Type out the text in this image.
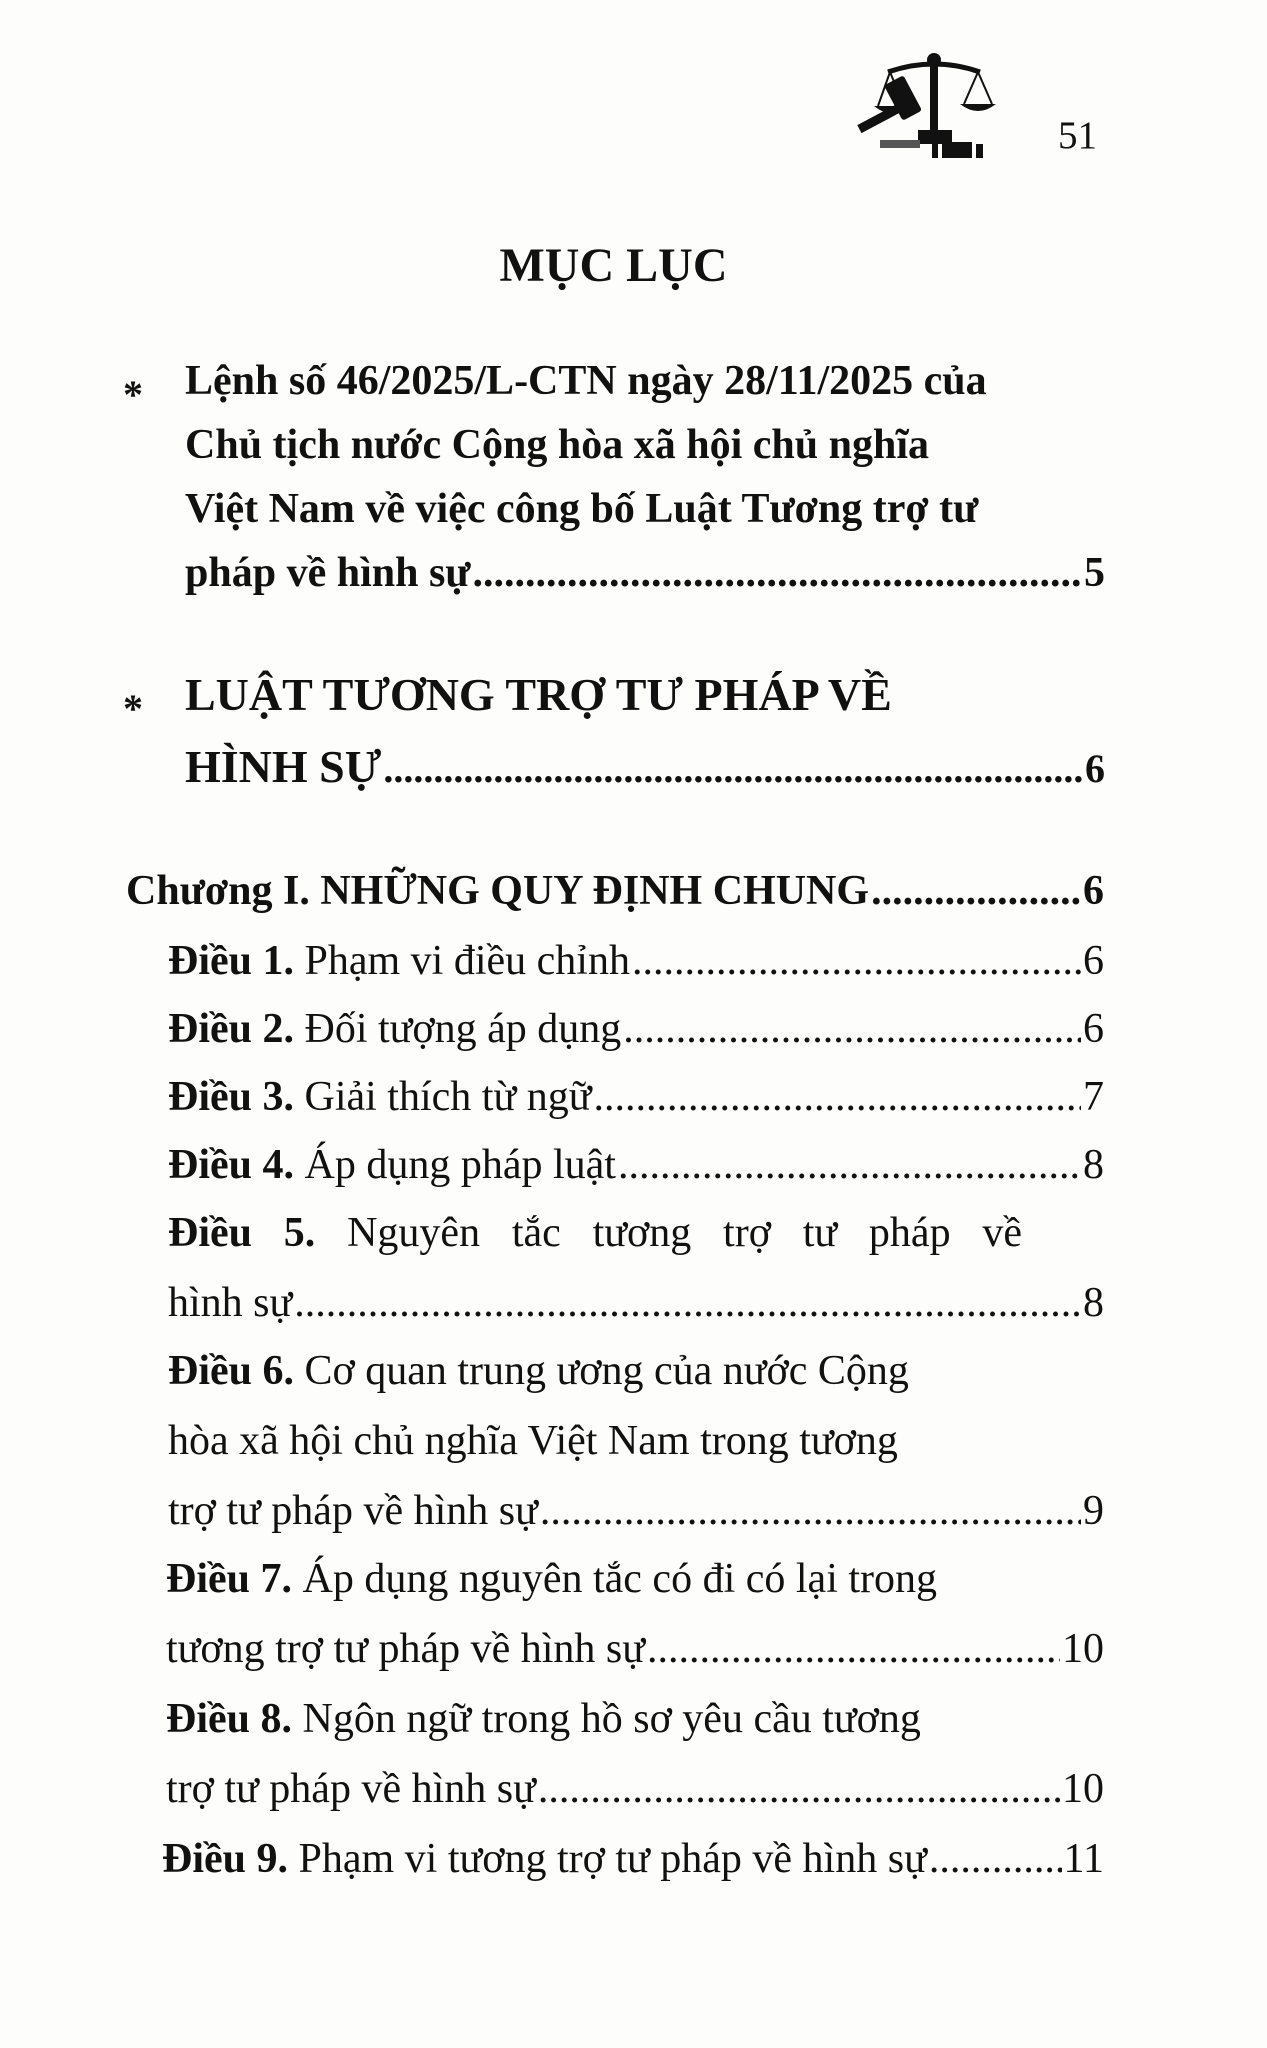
51
MỤC LỤC
* Lệnh số 46/2025/L-CTN ngày 28/11/2025 của
Chủ tịch nước Cộng hòa xã hội chủ nghĩa
Việt Nam về việc công bố Luật Tương trợ tư
pháp về hình sự .....	5
* LUẬT TƯƠNG TRỢ TƯ PHÁP VỀ
HÌNH SỰ .....	6
Chương I. NHỮNG QUY ĐỊNH CHUNG .....	6
Điều 1. Phạm vi điều chỉnh .....	6
Điều 2. Đối tượng áp dụng .....	6
Điều 3. Giải thích từ ngữ .....	7
Điều 4. Áp dụng pháp luật .....	8
Điều 5. Nguyên tắc tương trợ tư pháp về
hình sự .....	8
Điều 6. Cơ quan trung ương của nước Cộng
hòa xã hội chủ nghĩa Việt Nam trong tương
trợ tư pháp về hình sự .....	9
Điều 7. Áp dụng nguyên tắc có đi có lại trong
tương trợ tư pháp về hình sự .....	10
Điều 8. Ngôn ngữ trong hồ sơ yêu cầu tương
trợ tư pháp về hình sự .....	10
Điều 9. Phạm vi tương trợ tư pháp về hình sự .....	11
